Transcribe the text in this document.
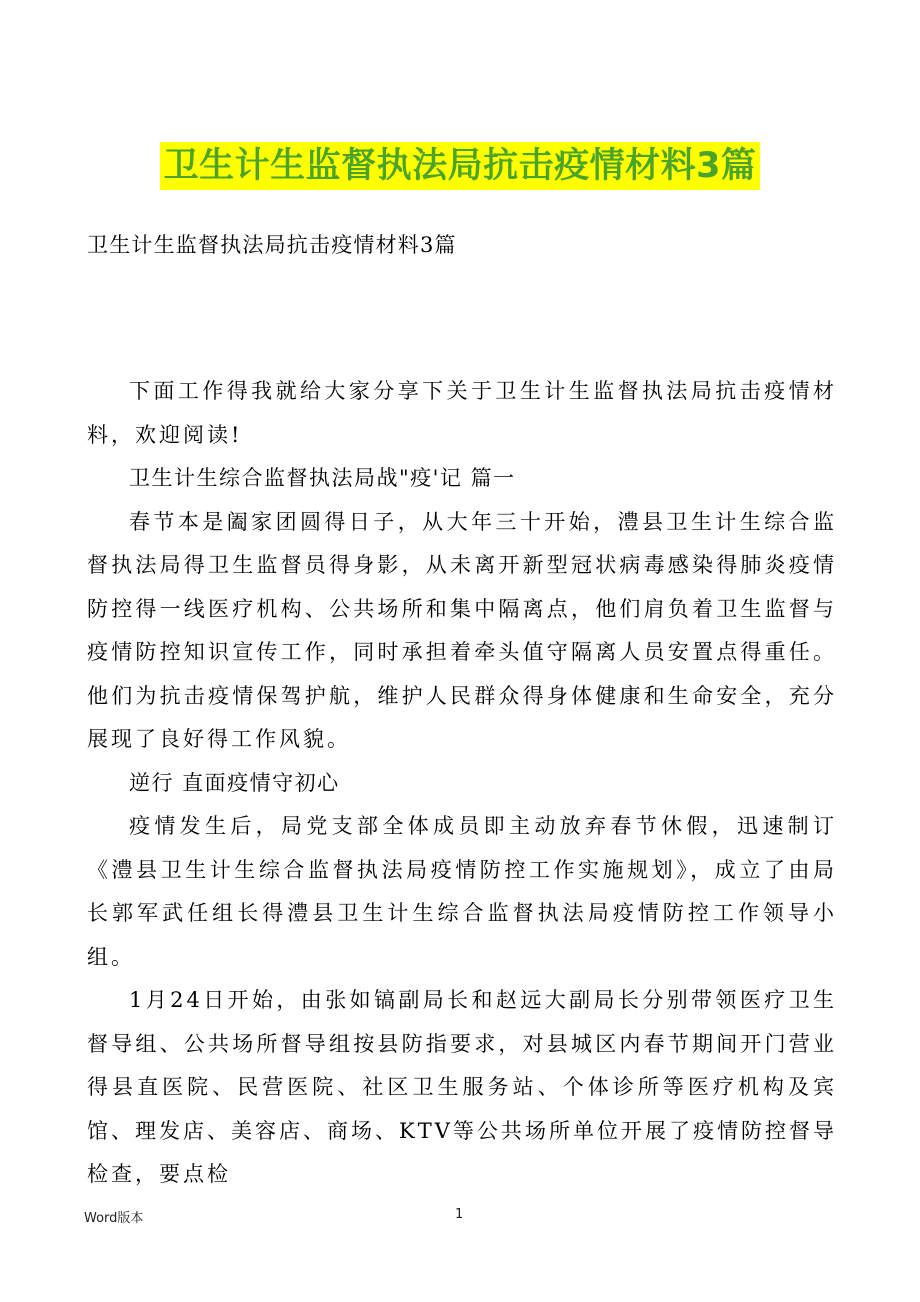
卫生计生监督执法局抗击疫情材料3篇
卫生计生监督执法局抗击疫情材料3篇

下面工作得我就给大家分享下关于卫生计生监督执法局抗击疫情材料，欢迎阅读!

卫生计生综合监督执法局战"疫'记 篇一

春节本是阖家团圆得日子，从大年三十开始，澧县卫生计生综合监督执法局得卫生监督员得身影，从未离开新型冠状病毒感染得肺炎疫情防控得一线医疗机构、公共场所和集中隔离点，他们肩负着卫生监督与疫情防控知识宣传工作，同时承担着牵头值守隔离人员安置点得重任。他们为抗击疫情保驾护航，维护人民群众得身体健康和生命安全，充分展现了良好得工作风貌。

逆行 直面疫情守初心

疫情发生后，局党支部全体成员即主动放弃春节休假，迅速制订《澧县卫生计生综合监督执法局疫情防控工作实施规划》，成立了由局长郭军武任组长得澧县卫生计生综合监督执法局疫情防控工作领导小组。

1月24日开始，由张如镐副局长和赵远大副局长分别带领医疗卫生督导组、公共场所督导组按县防指要求，对县城区内春节期间开门营业得县直医院、民营医院、社区卫生服务站、个体诊所等医疗机构及宾馆、理发店、美容店、商场、KTV等公共场所单位开展了疫情防控督导检查，要点检

Word版本	1
